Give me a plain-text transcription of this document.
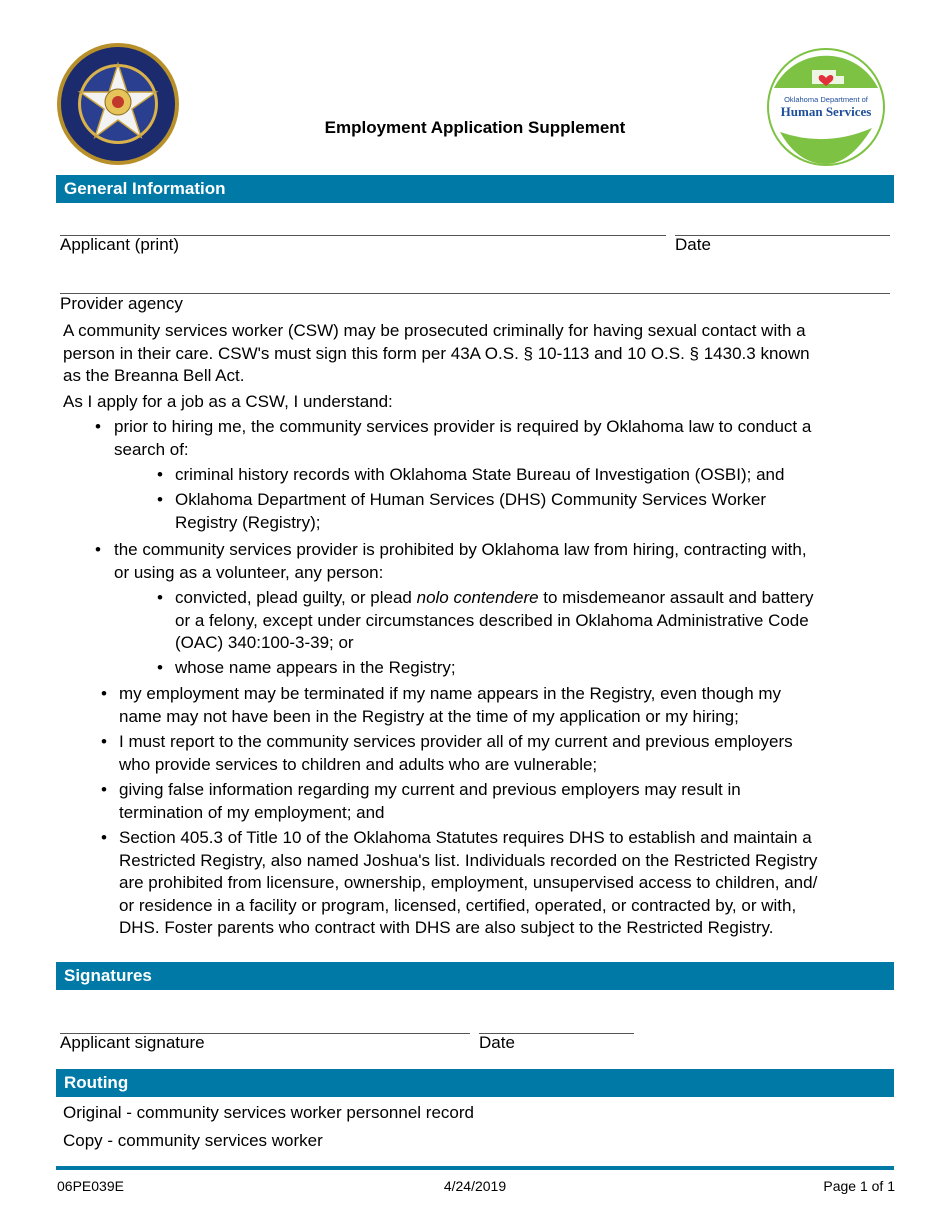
Employment Application Supplement
Oklahoma Department of
Human Services
General Information
Applicant (print)	Date
Provider agency
A community services worker (CSW) may be prosecuted criminally for having sexual contact with a
person in their care. CSW's must sign this form per 43A O.S. § 10-113 and 10 O.S. § 1430.3 known
as the Breanna Bell Act.
As I apply for a job as a CSW, I understand:
• prior to hiring me, the community services provider is required by Oklahoma law to conduct a
search of:
• criminal history records with Oklahoma State Bureau of Investigation (OSBI); and
• Oklahoma Department of Human Services (DHS) Community Services Worker
Registry (Registry);
• the community services provider is prohibited by Oklahoma law from hiring, contracting with,
or using as a volunteer, any person:
• convicted, plead guilty, or plead nolo contendere to misdemeanor assault and battery
or a felony, except under circumstances described in Oklahoma Administrative Code
(OAC) 340:100-3-39; or
• whose name appears in the Registry;
• my employment may be terminated if my name appears in the Registry, even though my
name may not have been in the Registry at the time of my application or my hiring;
• I must report to the community services provider all of my current and previous employers
who provide services to children and adults who are vulnerable;
• giving false information regarding my current and previous employers may result in
termination of my employment; and
• Section 405.3 of Title 10 of the Oklahoma Statutes requires DHS to establish and maintain a
Restricted Registry, also named Joshua's list. Individuals recorded on the Restricted Registry
are prohibited from licensure, ownership, employment, unsupervised access to children, and/
or residence in a facility or program, licensed, certified, operated, or contracted by, or with,
DHS. Foster parents who contract with DHS are also subject to the Restricted Registry.
Signatures
Applicant signature	Date
Routing
Original - community services worker personnel record
Copy - community services worker
06PE039E	4/24/2019	Page 1 of 1
